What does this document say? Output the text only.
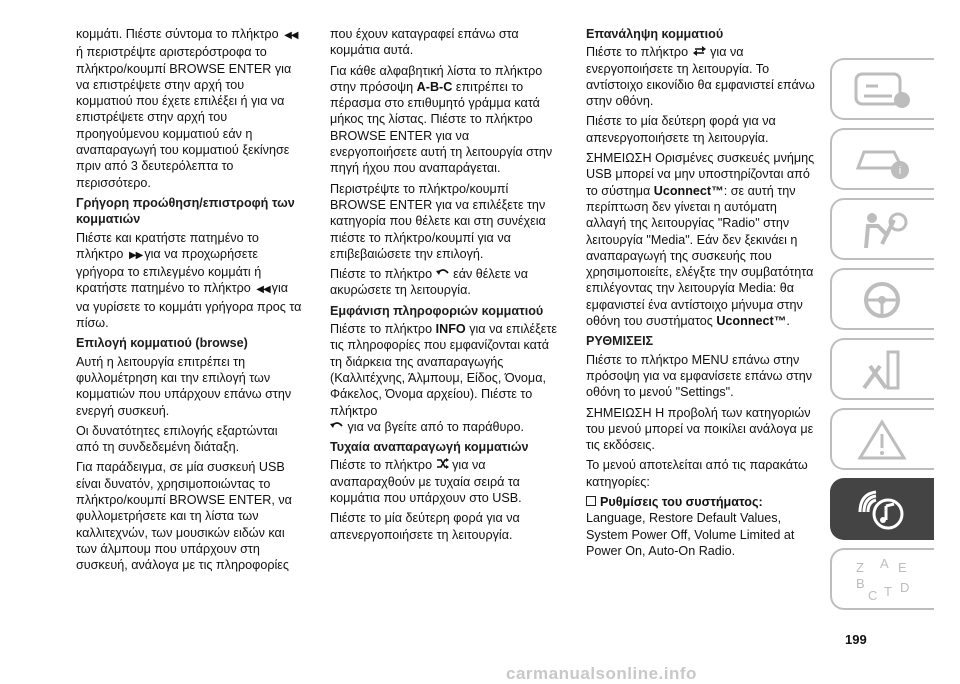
κομμάτι. Πιέστε σύντομα το πλήκτρο ◀◀ή περιστρέψτε αριστερόστροφα το πλήκτρο/κουμπί BROWSE ENTER για να επιστρέψετε στην αρχή του κομματιού που έχετε επιλέξει ή για να επιστρέψετε στην αρχή του προηγούμενου κομματιού εάν η αναπαραγωγή του κομματιού ξεκίνησε πριν από 3 δευτερόλεπτα το περισσότερο.

Γρήγορη προώθηση/επιστροφή των κομματιών

Πιέστε και κρατήστε πατημένο το πλήκτρο ▶▶ για να προχωρήσετε γρήγορα το επιλεγμένο κομμάτι ή κρατήστε πατημένο το πλήκτρο ◀◀ για να γυρίσετε το κομμάτι γρήγορα προς τα πίσω.

Επιλογή κομματιού (browse)

Αυτή η λειτουργία επιτρέπει τη φυλλομέτρηση και την επιλογή των κομματιών που υπάρχουν επάνω στην ενεργή συσκευή.

Οι δυνατότητες επιλογής εξαρτώνται από τη συνδεδεμένη διάταξη.

Για παράδειγμα, σε μία συσκευή USB είναι δυνατόν, χρησιμοποιώντας το πλήκτρο/κουμπί BROWSE ENTER, να φυλλομετρήσετε και τη λίστα των καλλιτεχνών, των μουσικών ειδών και των άλμπουμ που υπάρχουν στη συσκευή, ανάλογα με τις πληροφορίες

που έχουν καταγραφεί επάνω στα κομμάτια αυτά.

Για κάθε αλφαβητική λίστα το πλήκτρο στην πρόσοψη A-B-C επιτρέπει το πέρασμα στο επιθυμητό γράμμα κατά μήκος της λίστας. Πιέστε το πλήκτρο BROWSE ENTER για να ενεργοποιήσετε αυτή τη λειτουργία στην πηγή ήχου που αναπαράγεται.

Περιστρέψτε το πλήκτρο/κουμπί BROWSE ENTER για να επιλέξετε την κατηγορία που θέλετε και στη συνέχεια πιέστε το πλήκτρο/κουμπί για να επιβεβαιώσετε την επιλογή.

Πιέστε το πλήκτρο εάν θέλετε να ακυρώσετε τη λειτουργία.

Εμφάνιση πληροφοριών κομματιού

Πιέστε το πλήκτρο INFO για να επιλέξετε τις πληροφορίες που εμφανίζονται κατά τη διάρκεια της αναπαραγωγής (Καλλιτέχνης, Άλμπουμ, Είδος, Όνομα, Φάκελος, Όνομα αρχείου). Πιέστε το πλήκτρο
για να βγείτε από το παράθυρο.

Τυχαία αναπαραγωγή κομματιών

Πιέστε το πλήκτρο για να αναπαραχθούν με τυχαία σειρά τα κομμάτια που υπάρχουν στο USB.

Πιέστε το μία δεύτερη φορά για να απενεργοποιήσετε τη λειτουργία.

Επανάληψη κομματιού

Πιέστε το πλήκτρο για να ενεργοποιήσετε τη λειτουργία. Το αντίστοιχο εικονίδιο θα εμφανιστεί επάνω στην οθόνη.

Πιέστε το μία δεύτερη φορά για να απενεργοποιήσετε τη λειτουργία.

ΣΗΜΕΙΩΣΗ Ορισμένες συσκευές μνήμης USB μπορεί να μην υποστηρίζονται από το σύστημα Uconnect™: σε αυτή την περίπτωση δεν γίνεται η αυτόματη αλλαγή της λειτουργίας "Radio" στην λειτουργία "Media". Εάν δεν ξεκινάει η αναπαραγωγή της συσκευής που χρησιμοποιείτε, ελέγξτε την συμβατότητα επιλέγοντας την λειτουργία Media: θα εμφανιστεί ένα αντίστοιχο μήνυμα στην οθόνη του συστήματος Uconnect™.

ΡΥΘΜΙΣΕΙΣ

Πιέστε το πλήκτρο MENU επάνω στην πρόσοψη για να εμφανίσετε επάνω στην οθόνη το μενού "Settings".

ΣΗΜΕΙΩΣΗ Η προβολή των κατηγοριών του μενού μπορεί να ποικίλει ανάλογα με τις εκδόσεις.

Το μενού αποτελείται από τις παρακάτω κατηγορίες:

Ρυθμίσεις του συστήματος:

Language, Restore Default Values, System Power Off, Volume Limited at Power On, Auto-On Radio.

i
Z A E
B
C T D
199
carmanualsonline.info
